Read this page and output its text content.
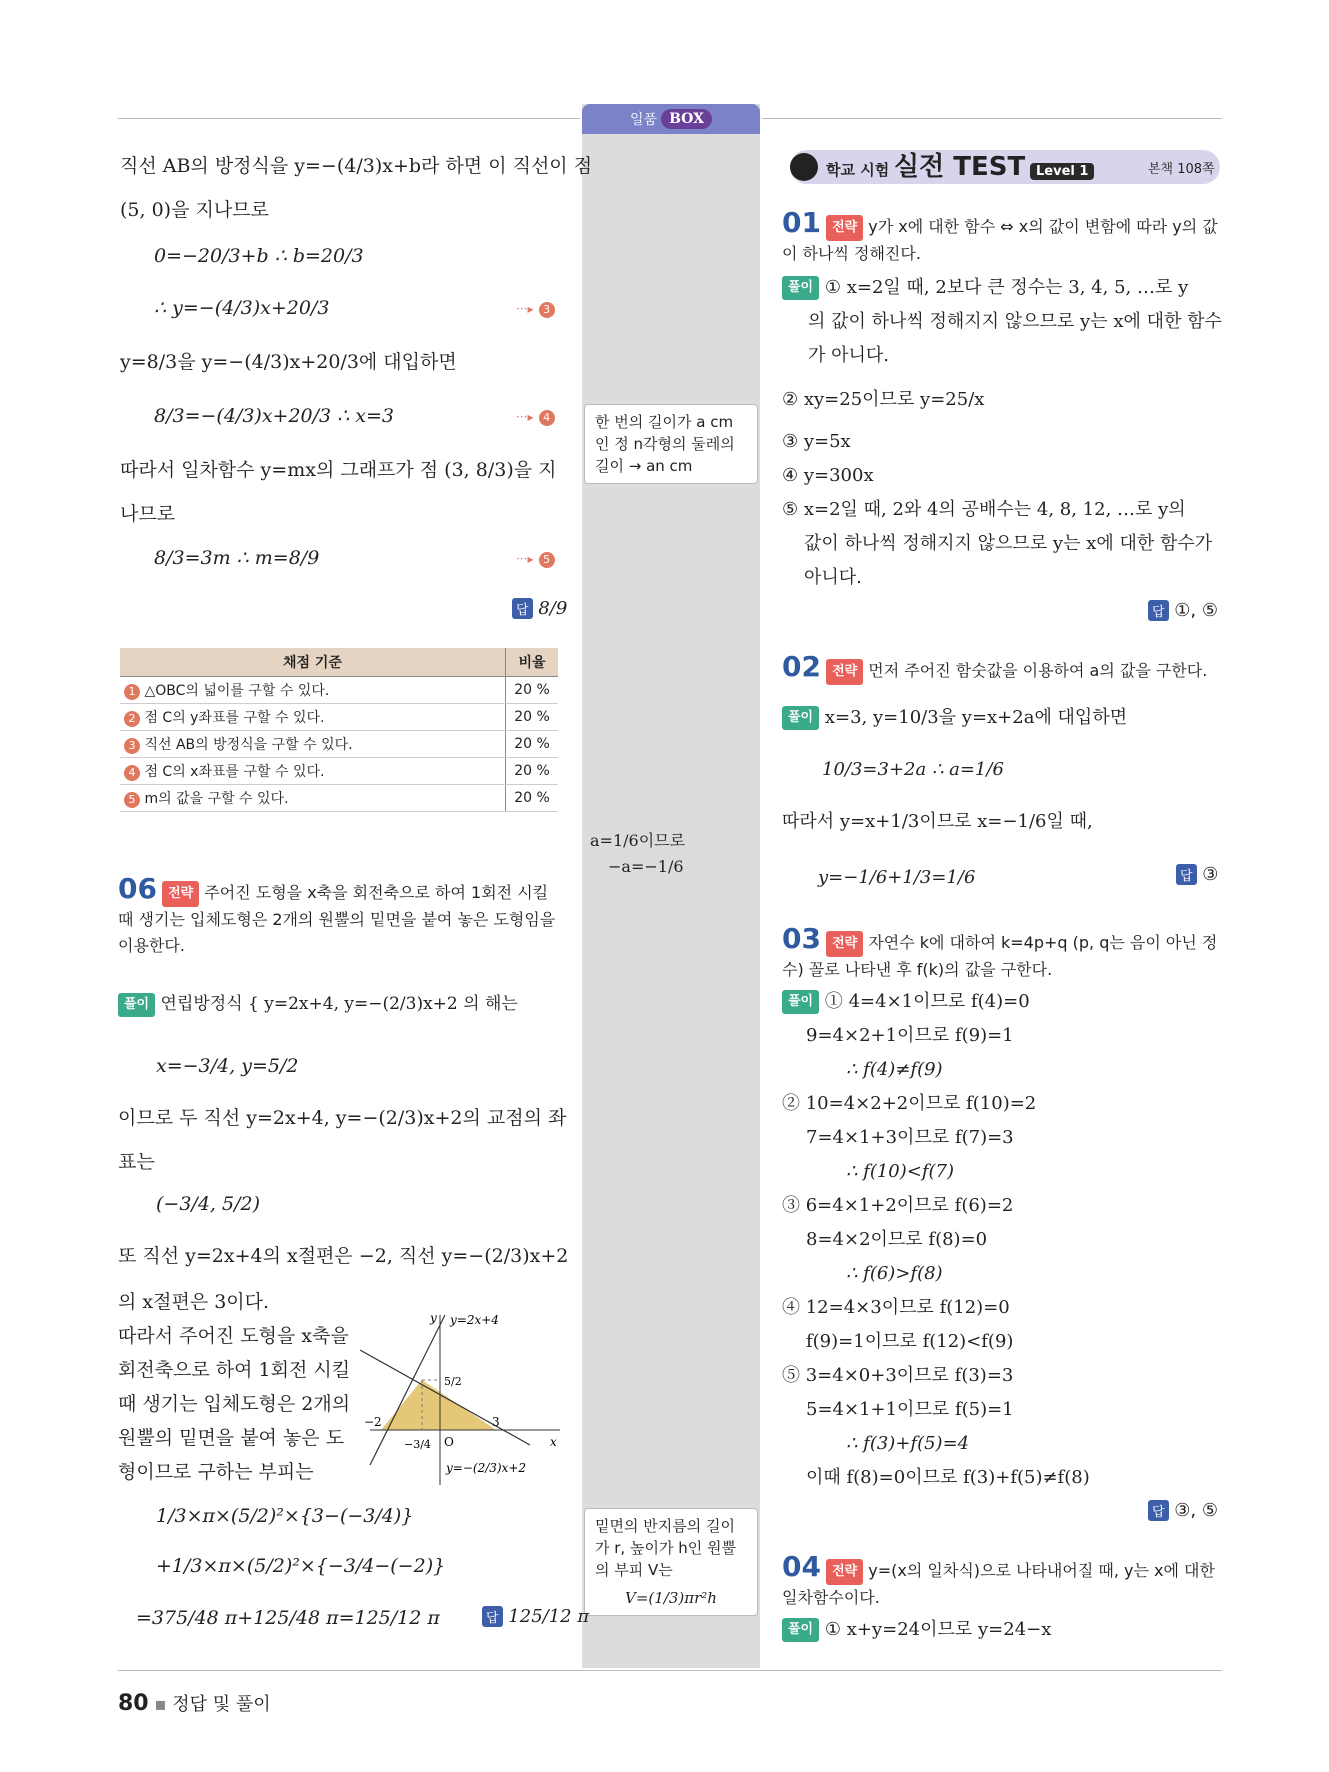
일품 BOX
한 번의 길이가 a cm인 정 n각형의 둘레의 길이 → an cm
a=1/6이므로
−a=−1/6
밑면의 반지름의 길이가 r, 높이가 h인 원뿔의 부피 V는
V=(1/3)πr²h
직선 AB의 방정식을 y=−(4/3)x+b라 하면 이 직선이 점
(5, 0)을 지나므로
0=−20/3+b ∴ b=20/3
∴ y=−(4/3)x+20/3	···▸ 3
y=8/3을 y=−(4/3)x+20/3에 대입하면
8/3=−(4/3)x+20/3 ∴ x=3	···▸ 4
따라서 일차함수 y=mx의 그래프가 점 (3, 8/3)을 지
나므로
8/3=3m ∴ m=8/9	···▸ 5
답 8/9
채점 기준	비율
1 △OBC의 넓이를 구할 수 있다.	20 %
2 점 C의 y좌표를 구할 수 있다.	20 %
3 직선 AB의 방정식을 구할 수 있다.	20 %
4 점 C의 x좌표를 구할 수 있다.	20 %
5 m의 값을 구할 수 있다.	20 %
06 전략 주어진 도형을 x축을 회전축으로 하여 1회전 시킬 때 생기는 입체도형은 2개의 원뿔의 밑면을 붙여 놓은 도형임을 이용한다.
풀이 연립방정식 { y=2x+4, y=−(2/3)x+2 의 해는
x=−3/4, y=5/2
이므로 두 직선 y=2x+4, y=−(2/3)x+2의 교점의 좌
표는
(−3/4, 5/2)
또 직선 y=2x+4의 x절편은 −2, 직선 y=−(2/3)x+2
의 x절편은 3이다.
따라서 주어진 도형을 x축을
회전축으로 하여 1회전 시킬
때 생기는 입체도형은 2개의
원뿔의 밑면을 붙여 놓은 도
형이므로 구하는 부피는
1/3×π×(5/2)²×{3−(−3/4)}
+1/3×π×(5/2)²×{−3/4−(−2)}
=375/48 π+125/48 π=125/12 π	답 125/12 π
y y=2x+4
5/2
−2	3
−3/4 O	x
y=−(2/3)x+2
학교 시험 실전 TEST Level 1	본책 108쪽
01 전략 y가 x에 대한 함수 ⇔ x의 값이 변함에 따라 y의 값이 하나씩 정해진다.
풀이 ① x=2일 때, 2보다 큰 정수는 3, 4, 5, …로 y
의 값이 하나씩 정해지지 않으므로 y는 x에 대한 함수
가 아니다.
② xy=25이므로 y=25/x
③ y=5x
④ y=300x
⑤ x=2일 때, 2와 4의 공배수는 4, 8, 12, …로 y의
값이 하나씩 정해지지 않으므로 y는 x에 대한 함수가
아니다.
답 ①, ⑤
02 전략 먼저 주어진 함숫값을 이용하여 a의 값을 구한다.
풀이 x=3, y=10/3을 y=x+2a에 대입하면
10/3=3+2a ∴ a=1/6
따라서 y=x+1/3이므로 x=−1/6일 때,
y=−1/6+1/3=1/6	답 ③
03 전략 자연수 k에 대하여 k=4p+q (p, q는 음이 아닌 정수) 꼴로 나타낸 후 f(k)의 값을 구한다.
풀이 ① 4=4×1이므로 f(4)=0
9=4×2+1이므로 f(9)=1
∴ f(4)≠f(9)
② 10=4×2+2이므로 f(10)=2
7=4×1+3이므로 f(7)=3
∴ f(10)<f(7)
③ 6=4×1+2이므로 f(6)=2
8=4×2이므로 f(8)=0
∴ f(6)>f(8)
④ 12=4×3이므로 f(12)=0
f(9)=1이므로 f(12)<f(9)
⑤ 3=4×0+3이므로 f(3)=3
5=4×1+1이므로 f(5)=1
∴ f(3)+f(5)=4
이때 f(8)=0이므로 f(3)+f(5)≠f(8)
답 ③, ⑤
04 전략 y=(x의 일차식)으로 나타내어질 때, y는 x에 대한 일차함수이다.
풀이 ① x+y=24이므로 y=24−x
80 ▪ 정답 및 풀이
